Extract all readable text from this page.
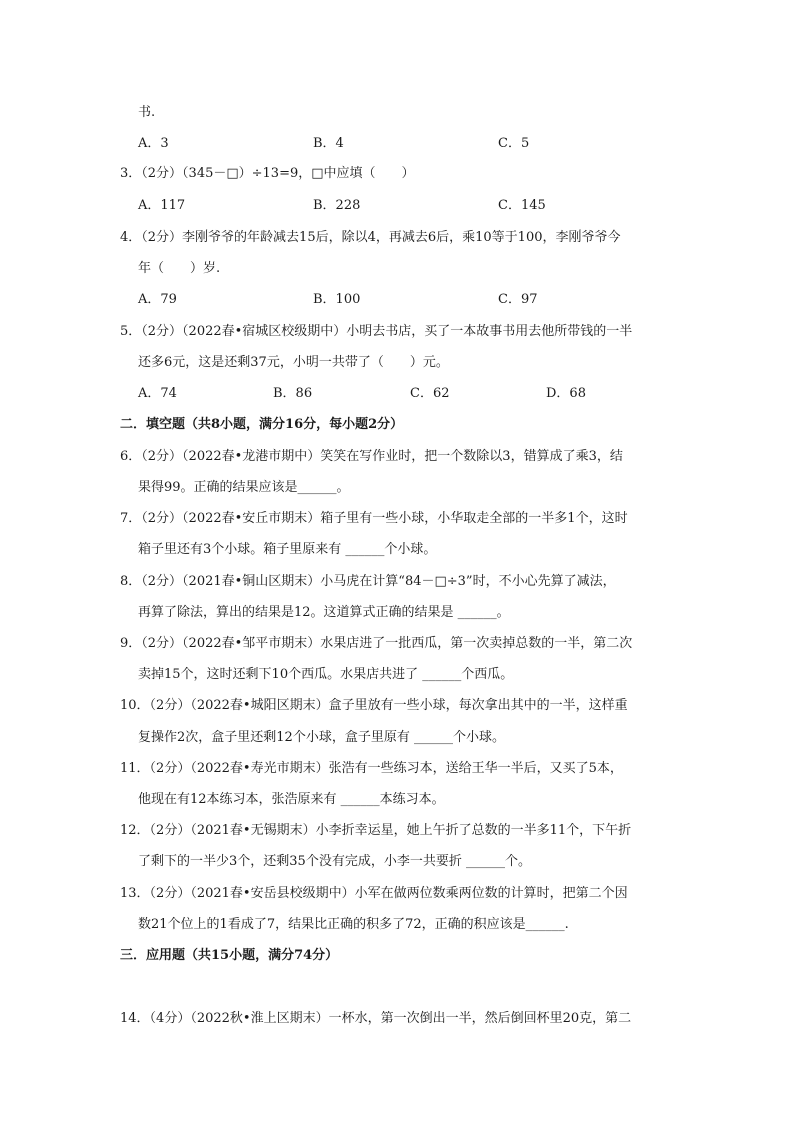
书.
A．3	B．4	C．5
3．（2分）（345－□）÷13=9，□中应填（　　）
A．117	B．228	C．145
4．（2分）李刚爷爷的年龄减去15后，除以4，再减去6后，乘10等于100，李刚爷爷今
年（　　）岁.
A．79	B．100	C．97
5．（2分）（2022春•宿城区校级期中）小明去书店，买了一本故事书用去他所带钱的一半
还多6元，这是还剩37元，小明一共带了（　　）元。
A．74	B．86	C．62	D．68
二．填空题（共8小题，满分16分，每小题2分）
6．（2分）（2022春•龙港市期中）笑笑在写作业时，把一个数除以3，错算成了乘3，结
果得99。正确的结果应该是______。
7．（2分）（2022春•安丘市期末）箱子里有一些小球，小华取走全部的一半多1个，这时
箱子里还有3个小球。箱子里原来有 ______个小球。
8．（2分）（2021春•铜山区期末）小马虎在计算“84－□÷3”时，不小心先算了减法，
再算了除法，算出的结果是12。这道算式正确的结果是 ______。
9．（2分）（2022春•邹平市期末）水果店进了一批西瓜，第一次卖掉总数的一半，第二次
卖掉15个，这时还剩下10个西瓜。水果店共进了 ______个西瓜。
10．（2分）（2022春•城阳区期末）盒子里放有一些小球，每次拿出其中的一半，这样重
复操作2次，盒子里还剩12个小球，盒子里原有 ______个小球。
11．（2分）（2022春•寿光市期末）张浩有一些练习本，送给王华一半后，又买了5本，
他现在有12本练习本，张浩原来有 ______本练习本。
12．（2分）（2021春•无锡期末）小李折幸运星，她上午折了总数的一半多11个，下午折
了剩下的一半少3个，还剩35个没有完成，小李一共要折 ______个。
13．（2分）（2021春•安岳县校级期中）小军在做两位数乘两位数的计算时，把第二个因
数21个位上的1看成了7，结果比正确的积多了72，正确的积应该是______.
三．应用题（共15小题，满分74分）
14．（4分）（2022秋•淮上区期末）一杯水，第一次倒出一半，然后倒回杯里20克，第二
